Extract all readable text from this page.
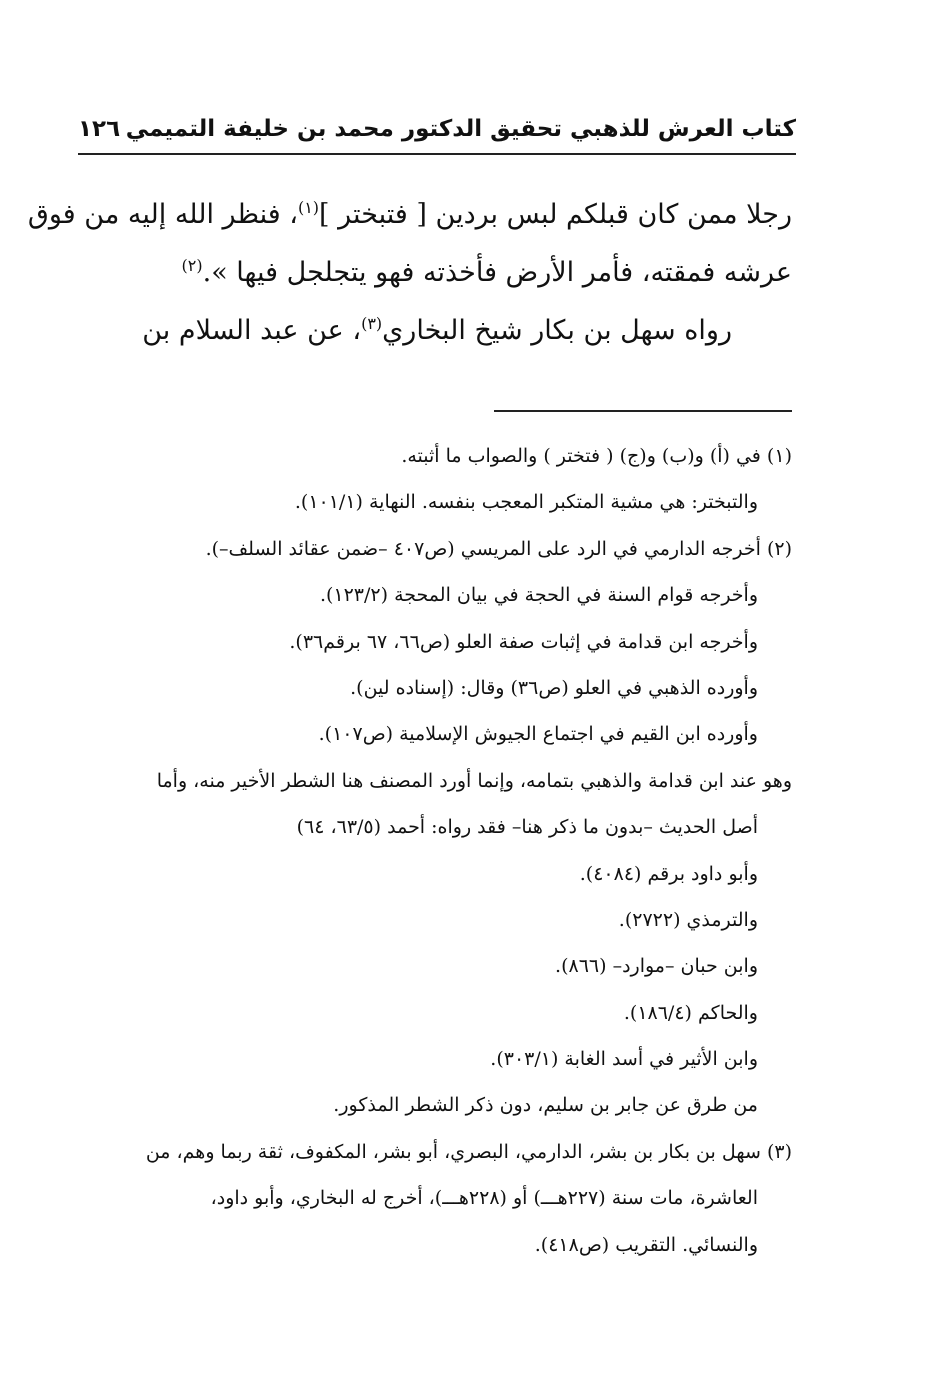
كتاب العرش للذهبي تحقيق الدكتور محمد بن خليفة التميمي
١٢٦
رجلا ممن كان قبلكم لبس بردين [ فتبختر ]$^{(١)}$، فنظر الله إليه من فوق
عرشه فمقته، فأمر الأرض فأخذته فهو يتجلجل فيها ».$^{(٢)}$
رواه سهل بن بكار شيخ البخاري$^{(٣)}$، عن عبد السلام بن
(١) في (أ) و(ب) و(ج) ( فتختر ) والصواب ما أثبته.
والتبختر: هي مشية المتكبر المعجب بنفسه. النهاية (١٠١/١).
(٢) أخرجه الدارمي في الرد على المريسي (ص٤٠٧ –ضمن عقائد السلف–).
وأخرجه قوام السنة في الحجة في بيان المحجة (١٢٣/٢).
وأخرجه ابن قدامة في إثبات صفة العلو (ص٦٦، ٦٧ برقم٣٦).
وأورده الذهبي في العلو (ص٣٦) وقال: (إسناده لين).
وأورده ابن القيم في اجتماع الجيوش الإسلامية (ص١٠٧).
وهو عند ابن قدامة والذهبي بتمامه، وإنما أورد المصنف هنا الشطر الأخير منه، وأما
أصل الحديث –بدون ما ذكر هنا– فقد رواه: أحمد (٦٣/٥، ٦٤)
وأبو داود برقم (٤٠٨٤).
والترمذي (٢٧٢٢).
وابن حبان –موارد– (٨٦٦).
والحاكم (١٨٦/٤).
وابن الأثير في أسد الغابة (٣٠٣/١).
من طرق عن جابر بن سليم، دون ذكر الشطر المذكور.
(٣) سهل بن بكار بن بشر، الدارمي، البصري، أبو بشر، المكفوف، ثقة ربما وهم، من
العاشرة، مات سنة (٢٢٧هـــ) أو (٢٢٨هـــ)، أخرج له البخاري، وأبو داود،
والنسائي. التقريب (ص٤١٨).
